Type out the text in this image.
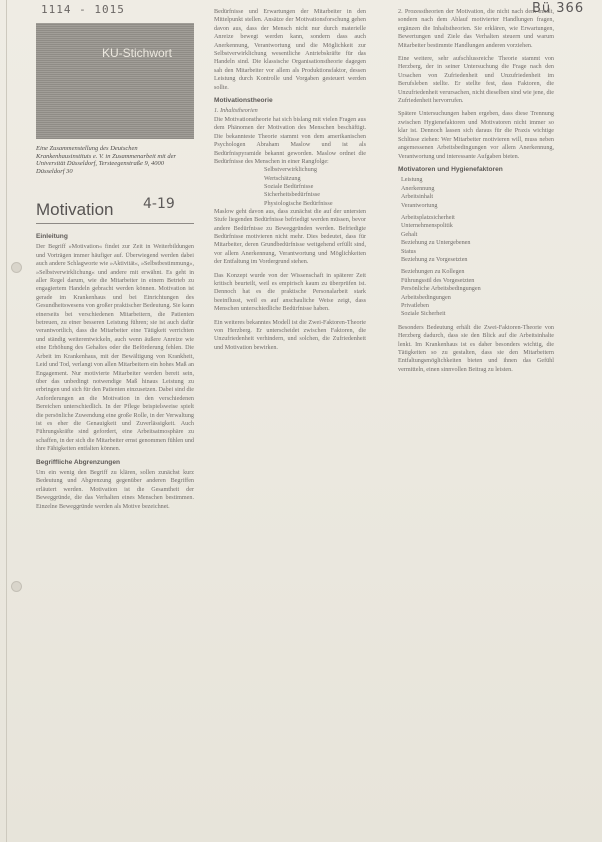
1114 - 1015	Bü 366
KU-Stichwort
Eine Zusammenstellung des Deutschen Krankenhausinstituts e. V. in Zusammenarbeit mit der Universität Düsseldorf, Tersteegenstraße 9, 4000 Düsseldorf 30
Motivation 4-19
Einleitung

Der Begriff »Motivation« findet zur Zeit in Weiterbildungen und Vorträgen immer häufiger auf. Überwiegend werden dabei auch andere Schlagworte wie »Aktivität«, »Selbstbestimmung«, »Selbstverwirklichung« und andere mit erwähnt. Es geht in aller Regel darum, wie die Mitarbeiter in einem Betrieb zu engagiertem Handeln gebracht werden können. Motivation ist gerade im Krankenhaus und bei Einrichtungen des Gesundheitswesens von großer praktischer Bedeutung. Sie kann einerseits bei verschiedenen Mitarbeitern, die Patienten betreuen, zu einer besseren Leistung führen; sie ist auch dafür verantwortlich, dass die Mitarbeiter eine Tätigkeit verrichten und ständig weiterentwickeln, auch wenn äußere Anreize wie eine Erhöhung des Gehaltes oder die Beförderung fehlen. Die Arbeit im Krankenhaus, mit der Bewältigung von Krankheit, Leid und Tod, verlangt von allen Mitarbeitern ein hohes Maß an Engagement. Nur motivierte Mitarbeiter werden bereit sein, über das unbedingt notwendige Maß hinaus Leistung zu erbringen und sich für den Patienten einzusetzen. Dabei sind die Anforderungen an die Motivation in den verschiedenen Bereichen unterschiedlich. In der Pflege beispielsweise spielt die persönliche Zuwendung eine große Rolle, in der Verwaltung ist es eher die Genauigkeit und Zuverlässigkeit. Auch Führungskräfte sind gefordert, eine Arbeitsatmosphäre zu schaffen, in der sich die Mitarbeiter ernst genommen fühlen und ihre Fähigkeiten entfalten können.

Begriffliche Abgrenzungen

Um ein wenig den Begriff zu klären, sollen zunächst kurz Bedeutung und Abgrenzung gegenüber anderen Begriffen erläutert werden. Motivation ist die Gesamtheit der Beweggründe, die das Verhalten eines Menschen bestimmen. Einzelne Beweggründe werden als Motive bezeichnet.

Bedürfnisse und Erwartungen der Mitarbeiter in den Mittelpunkt stellen. Ansätze der Motivationsforschung gehen davon aus, dass der Mensch nicht nur durch materielle Anreize bewegt werden kann, sondern dass auch Anerkennung, Verantwortung und die Möglichkeit zur Selbstverwirklichung wesentliche Antriebskräfte für das Handeln sind. Die klassische Organisationstheorie dagegen sah den Mitarbeiter vor allem als Produktionsfaktor, dessen Leistung durch Kontrolle und Vorgaben gesteuert werden sollte.

Motivationstheorie

1. Inhaltstheorien

Die Motivationstheorie hat sich bislang mit vielen Fragen aus dem Phänomen der Motivation des Menschen beschäftigt. Die bekannteste Theorie stammt von dem amerikanischen Psychologen Abraham Maslow und ist als Bedürfnispyramide bekannt geworden. Maslow ordnet die Bedürfnisse des Menschen in einer Rangfolge:

Selbstverwirklichung
Wertschätzung
Soziale Bedürfnisse
Sicherheitsbedürfnisse
Physiologische Bedürfnisse

Maslow geht davon aus, dass zunächst die auf der untersten Stufe liegenden Bedürfnisse befriedigt werden müssen, bevor andere Bedürfnisse zu Beweggründen werden. Befriedigte Bedürfnisse motivieren nicht mehr. Dies bedeutet, dass für Mitarbeiter, deren Grundbedürfnisse weitgehend erfüllt sind, vor allem Anerkennung, Verantwortung und Möglichkeiten der Entfaltung im Vordergrund stehen.

Das Konzept wurde von der Wissenschaft in späterer Zeit kritisch beurteilt, weil es empirisch kaum zu überprüfen ist. Dennoch hat es die praktische Personalarbeit stark beeinflusst, weil es auf anschauliche Weise zeigt, dass Menschen unterschiedliche Bedürfnisse haben.

Ein weiteres bekanntes Modell ist die Zwei-Faktoren-Theorie von Herzberg. Er unterscheidet zwischen Faktoren, die Unzufriedenheit verhindern, und solchen, die Zufriedenheit und Motivation bewirken.

2. Prozesstheorien der Motivation, die nicht nach dem Inhalt, sondern nach dem Ablauf motivierter Handlungen fragen, ergänzen die Inhaltstheorien. Sie erklären, wie Erwartungen, Bewertungen und Ziele das Verhalten steuern und warum Mitarbeiter bestimmte Handlungen anderen vorziehen.

Eine weitere, sehr aufschlussreiche Theorie stammt von Herzberg, der in seiner Untersuchung die Frage nach den Ursachen von Zufriedenheit und Unzufriedenheit im Berufsleben stellte. Er stellte fest, dass Faktoren, die Unzufriedenheit verursachen, nicht dieselben sind wie jene, die Zufriedenheit hervorrufen.

Spätere Untersuchungen haben ergeben, dass diese Trennung zwischen Hygienefaktoren und Motivatoren nicht immer so klar ist. Dennoch lassen sich daraus für die Praxis wichtige Schlüsse ziehen: Wer Mitarbeiter motivieren will, muss neben angemessenen Arbeitsbedingungen vor allem Anerkennung, Verantwortung und interessante Aufgaben bieten.

Motivatoren und Hygienefaktoren
Leistung
Anerkennung
Arbeitsinhalt
Verantwortung
Arbeitsplatzsicherheit
Unternehmenspolitik
Gehalt
Beziehung zu Untergebenen
Status
Beziehung zu Vorgesetzten
Beziehungen zu Kollegen
Führungsstil des Vorgesetzten
Persönliche Arbeitsbedingungen
Arbeitsbedingungen
Privatleben
Soziale Sicherheit

Besonders Bedeutung erhält die Zwei-Faktoren-Theorie von Herzberg dadurch, dass sie den Blick auf die Arbeitsinhalte lenkt. Im Krankenhaus ist es daher besonders wichtig, die Tätigkeiten so zu gestalten, dass sie den Mitarbeitern Entfaltungsmöglichkeiten bieten und ihnen das Gefühl vermitteln, einen sinnvollen Beitrag zu leisten.
